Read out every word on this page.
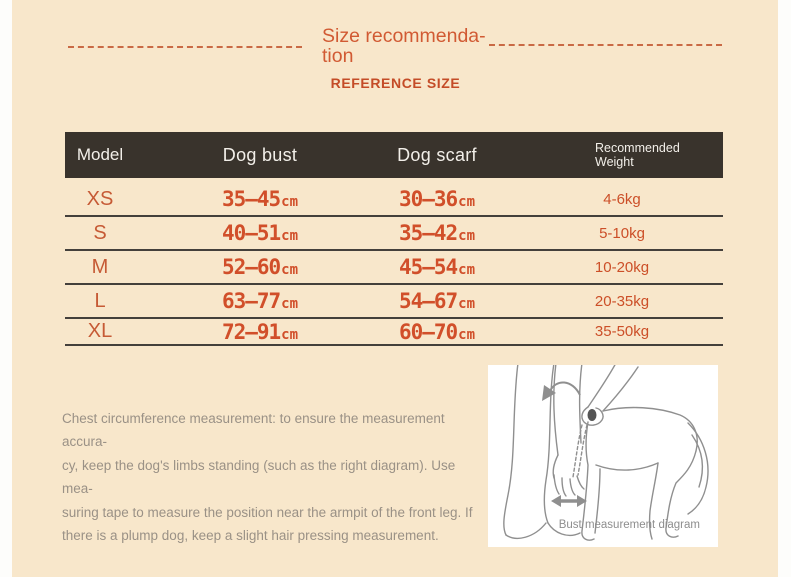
Size recommenda-
tion
REFERENCE SIZE
Model	Dog bust	Dog scarf	Recommended
Weight
XS	35–45cm	30–36cm	4-6kg
S	40–51cm	35–42cm	5-10kg
M	52–60cm	45–54cm	10-20kg
L	63–77cm	54–67cm	20-35kg
XL	72–91cm	60–70cm	35-50kg
Chest circumference measurement: to ensure the measurement accura-
cy, keep the dog's limbs standing (such as the right diagram). Use mea-
suring tape to measure the position near the armpit of the front leg. If
there is a plump dog, keep a slight hair pressing measurement.
Bust measurement diagram
